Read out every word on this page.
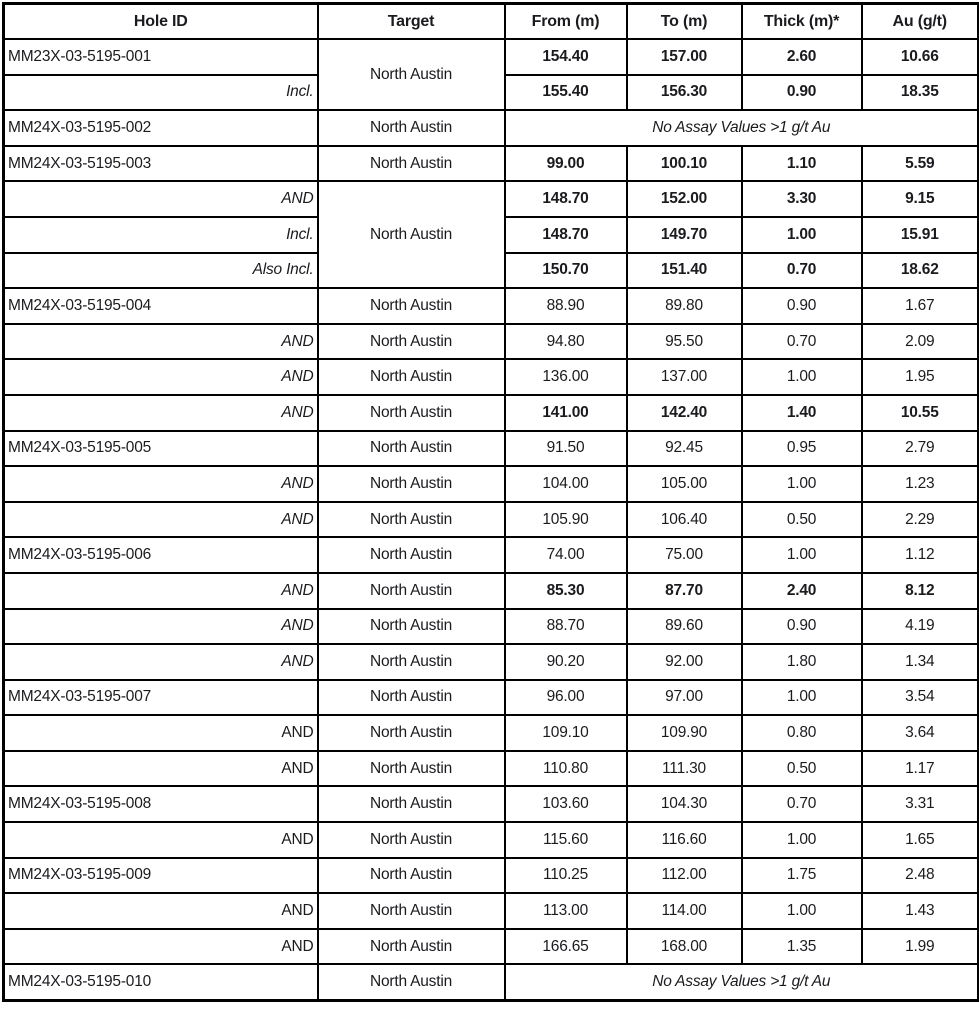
Hole ID	Target	From (m)	To (m)	Thick (m)*	Au (g/t)
MM23X-03-5195-001	North Austin	154.40	157.00	2.60	10.66
Incl.		155.40	156.30	0.90	18.35
MM24X-03-5195-002	North Austin	No Assay Values >1 g/t Au			
MM24X-03-5195-003	North Austin	99.00	100.10	1.10	5.59
AND	North Austin	148.70	152.00	3.30	9.15
Incl.		148.70	149.70	1.00	15.91
Also Incl.		150.70	151.40	0.70	18.62
MM24X-03-5195-004	North Austin	88.90	89.80	0.90	1.67
AND	North Austin	94.80	95.50	0.70	2.09
AND	North Austin	136.00	137.00	1.00	1.95
AND	North Austin	141.00	142.40	1.40	10.55
MM24X-03-5195-005	North Austin	91.50	92.45	0.95	2.79
AND	North Austin	104.00	105.00	1.00	1.23
AND	North Austin	105.90	106.40	0.50	2.29
MM24X-03-5195-006	North Austin	74.00	75.00	1.00	1.12
AND	North Austin	85.30	87.70	2.40	8.12
AND	North Austin	88.70	89.60	0.90	4.19
AND	North Austin	90.20	92.00	1.80	1.34
MM24X-03-5195-007	North Austin	96.00	97.00	1.00	3.54
AND	North Austin	109.10	109.90	0.80	3.64
AND	North Austin	110.80	111.30	0.50	1.17
MM24X-03-5195-008	North Austin	103.60	104.30	0.70	3.31
AND	North Austin	115.60	116.60	1.00	1.65
MM24X-03-5195-009	North Austin	110.25	112.00	1.75	2.48
AND	North Austin	113.00	114.00	1.00	1.43
AND	North Austin	166.65	168.00	1.35	1.99
MM24X-03-5195-010	North Austin	No Assay Values >1 g/t Au			
